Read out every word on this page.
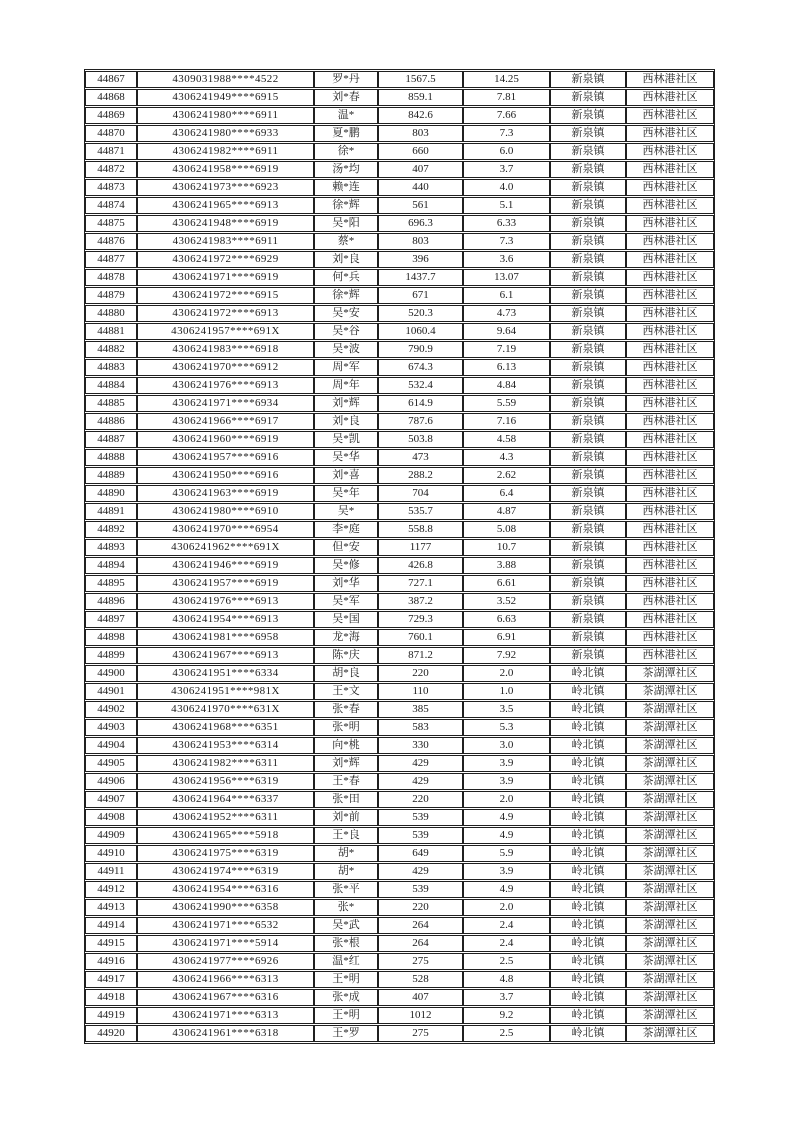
44867	4309031988****4522	罗*丹	1567.5	14.25	新泉镇	西林港社区
44868	4306241949****6915	刘*春	859.1	7.81	新泉镇	西林港社区
44869	4306241980****6911	温*	842.6	7.66	新泉镇	西林港社区
44870	4306241980****6933	夏*鹏	803	7.3	新泉镇	西林港社区
44871	4306241982****6911	徐*	660	6.0	新泉镇	西林港社区
44872	4306241958****6919	汤*均	407	3.7	新泉镇	西林港社区
44873	4306241973****6923	赖*连	440	4.0	新泉镇	西林港社区
44874	4306241965****6913	徐*辉	561	5.1	新泉镇	西林港社区
44875	4306241948****6919	吴*阳	696.3	6.33	新泉镇	西林港社区
44876	4306241983****6911	蔡*	803	7.3	新泉镇	西林港社区
44877	4306241972****6929	刘*良	396	3.6	新泉镇	西林港社区
44878	4306241971****6919	何*兵	1437.7	13.07	新泉镇	西林港社区
44879	4306241972****6915	徐*辉	671	6.1	新泉镇	西林港社区
44880	4306241972****6913	吴*安	520.3	4.73	新泉镇	西林港社区
44881	4306241957****691X	吴*谷	1060.4	9.64	新泉镇	西林港社区
44882	4306241983****6918	吴*波	790.9	7.19	新泉镇	西林港社区
44883	4306241970****6912	周*军	674.3	6.13	新泉镇	西林港社区
44884	4306241976****6913	周*年	532.4	4.84	新泉镇	西林港社区
44885	4306241971****6934	刘*辉	614.9	5.59	新泉镇	西林港社区
44886	4306241966****6917	刘*良	787.6	7.16	新泉镇	西林港社区
44887	4306241960****6919	吴*凯	503.8	4.58	新泉镇	西林港社区
44888	4306241957****6916	吴*华	473	4.3	新泉镇	西林港社区
44889	4306241950****6916	刘*喜	288.2	2.62	新泉镇	西林港社区
44890	4306241963****6919	吴*年	704	6.4	新泉镇	西林港社区
44891	4306241980****6910	吴*	535.7	4.87	新泉镇	西林港社区
44892	4306241970****6954	李*庭	558.8	5.08	新泉镇	西林港社区
44893	4306241962****691X	但*安	1177	10.7	新泉镇	西林港社区
44894	4306241946****6919	吴*修	426.8	3.88	新泉镇	西林港社区
44895	4306241957****6919	刘*华	727.1	6.61	新泉镇	西林港社区
44896	4306241976****6913	吴*军	387.2	3.52	新泉镇	西林港社区
44897	4306241954****6913	吴*国	729.3	6.63	新泉镇	西林港社区
44898	4306241981****6958	龙*海	760.1	6.91	新泉镇	西林港社区
44899	4306241967****6913	陈*庆	871.2	7.92	新泉镇	西林港社区
44900	4306241951****6334	胡*良	220	2.0	岭北镇	茶湖潭社区
44901	4306241951****981X	王*文	110	1.0	岭北镇	茶湖潭社区
44902	4306241970****631X	张*春	385	3.5	岭北镇	茶湖潭社区
44903	4306241968****6351	张*明	583	5.3	岭北镇	茶湖潭社区
44904	4306241953****6314	向*桃	330	3.0	岭北镇	茶湖潭社区
44905	4306241982****6311	刘*辉	429	3.9	岭北镇	茶湖潭社区
44906	4306241956****6319	王*春	429	3.9	岭北镇	茶湖潭社区
44907	4306241964****6337	张*田	220	2.0	岭北镇	茶湖潭社区
44908	4306241952****6311	刘*前	539	4.9	岭北镇	茶湖潭社区
44909	4306241965****5918	王*良	539	4.9	岭北镇	茶湖潭社区
44910	4306241975****6319	胡*	649	5.9	岭北镇	茶湖潭社区
44911	4306241974****6319	胡*	429	3.9	岭北镇	茶湖潭社区
44912	4306241954****6316	张*平	539	4.9	岭北镇	茶湖潭社区
44913	4306241990****6358	张*	220	2.0	岭北镇	茶湖潭社区
44914	4306241971****6532	吴*武	264	2.4	岭北镇	茶湖潭社区
44915	4306241971****5914	张*根	264	2.4	岭北镇	茶湖潭社区
44916	4306241977****6926	温*红	275	2.5	岭北镇	茶湖潭社区
44917	4306241966****6313	王*明	528	4.8	岭北镇	茶湖潭社区
44918	4306241967****6316	张*成	407	3.7	岭北镇	茶湖潭社区
44919	4306241971****6313	王*明	1012	9.2	岭北镇	茶湖潭社区
44920	4306241961****6318	王*罗	275	2.5	岭北镇	茶湖潭社区
